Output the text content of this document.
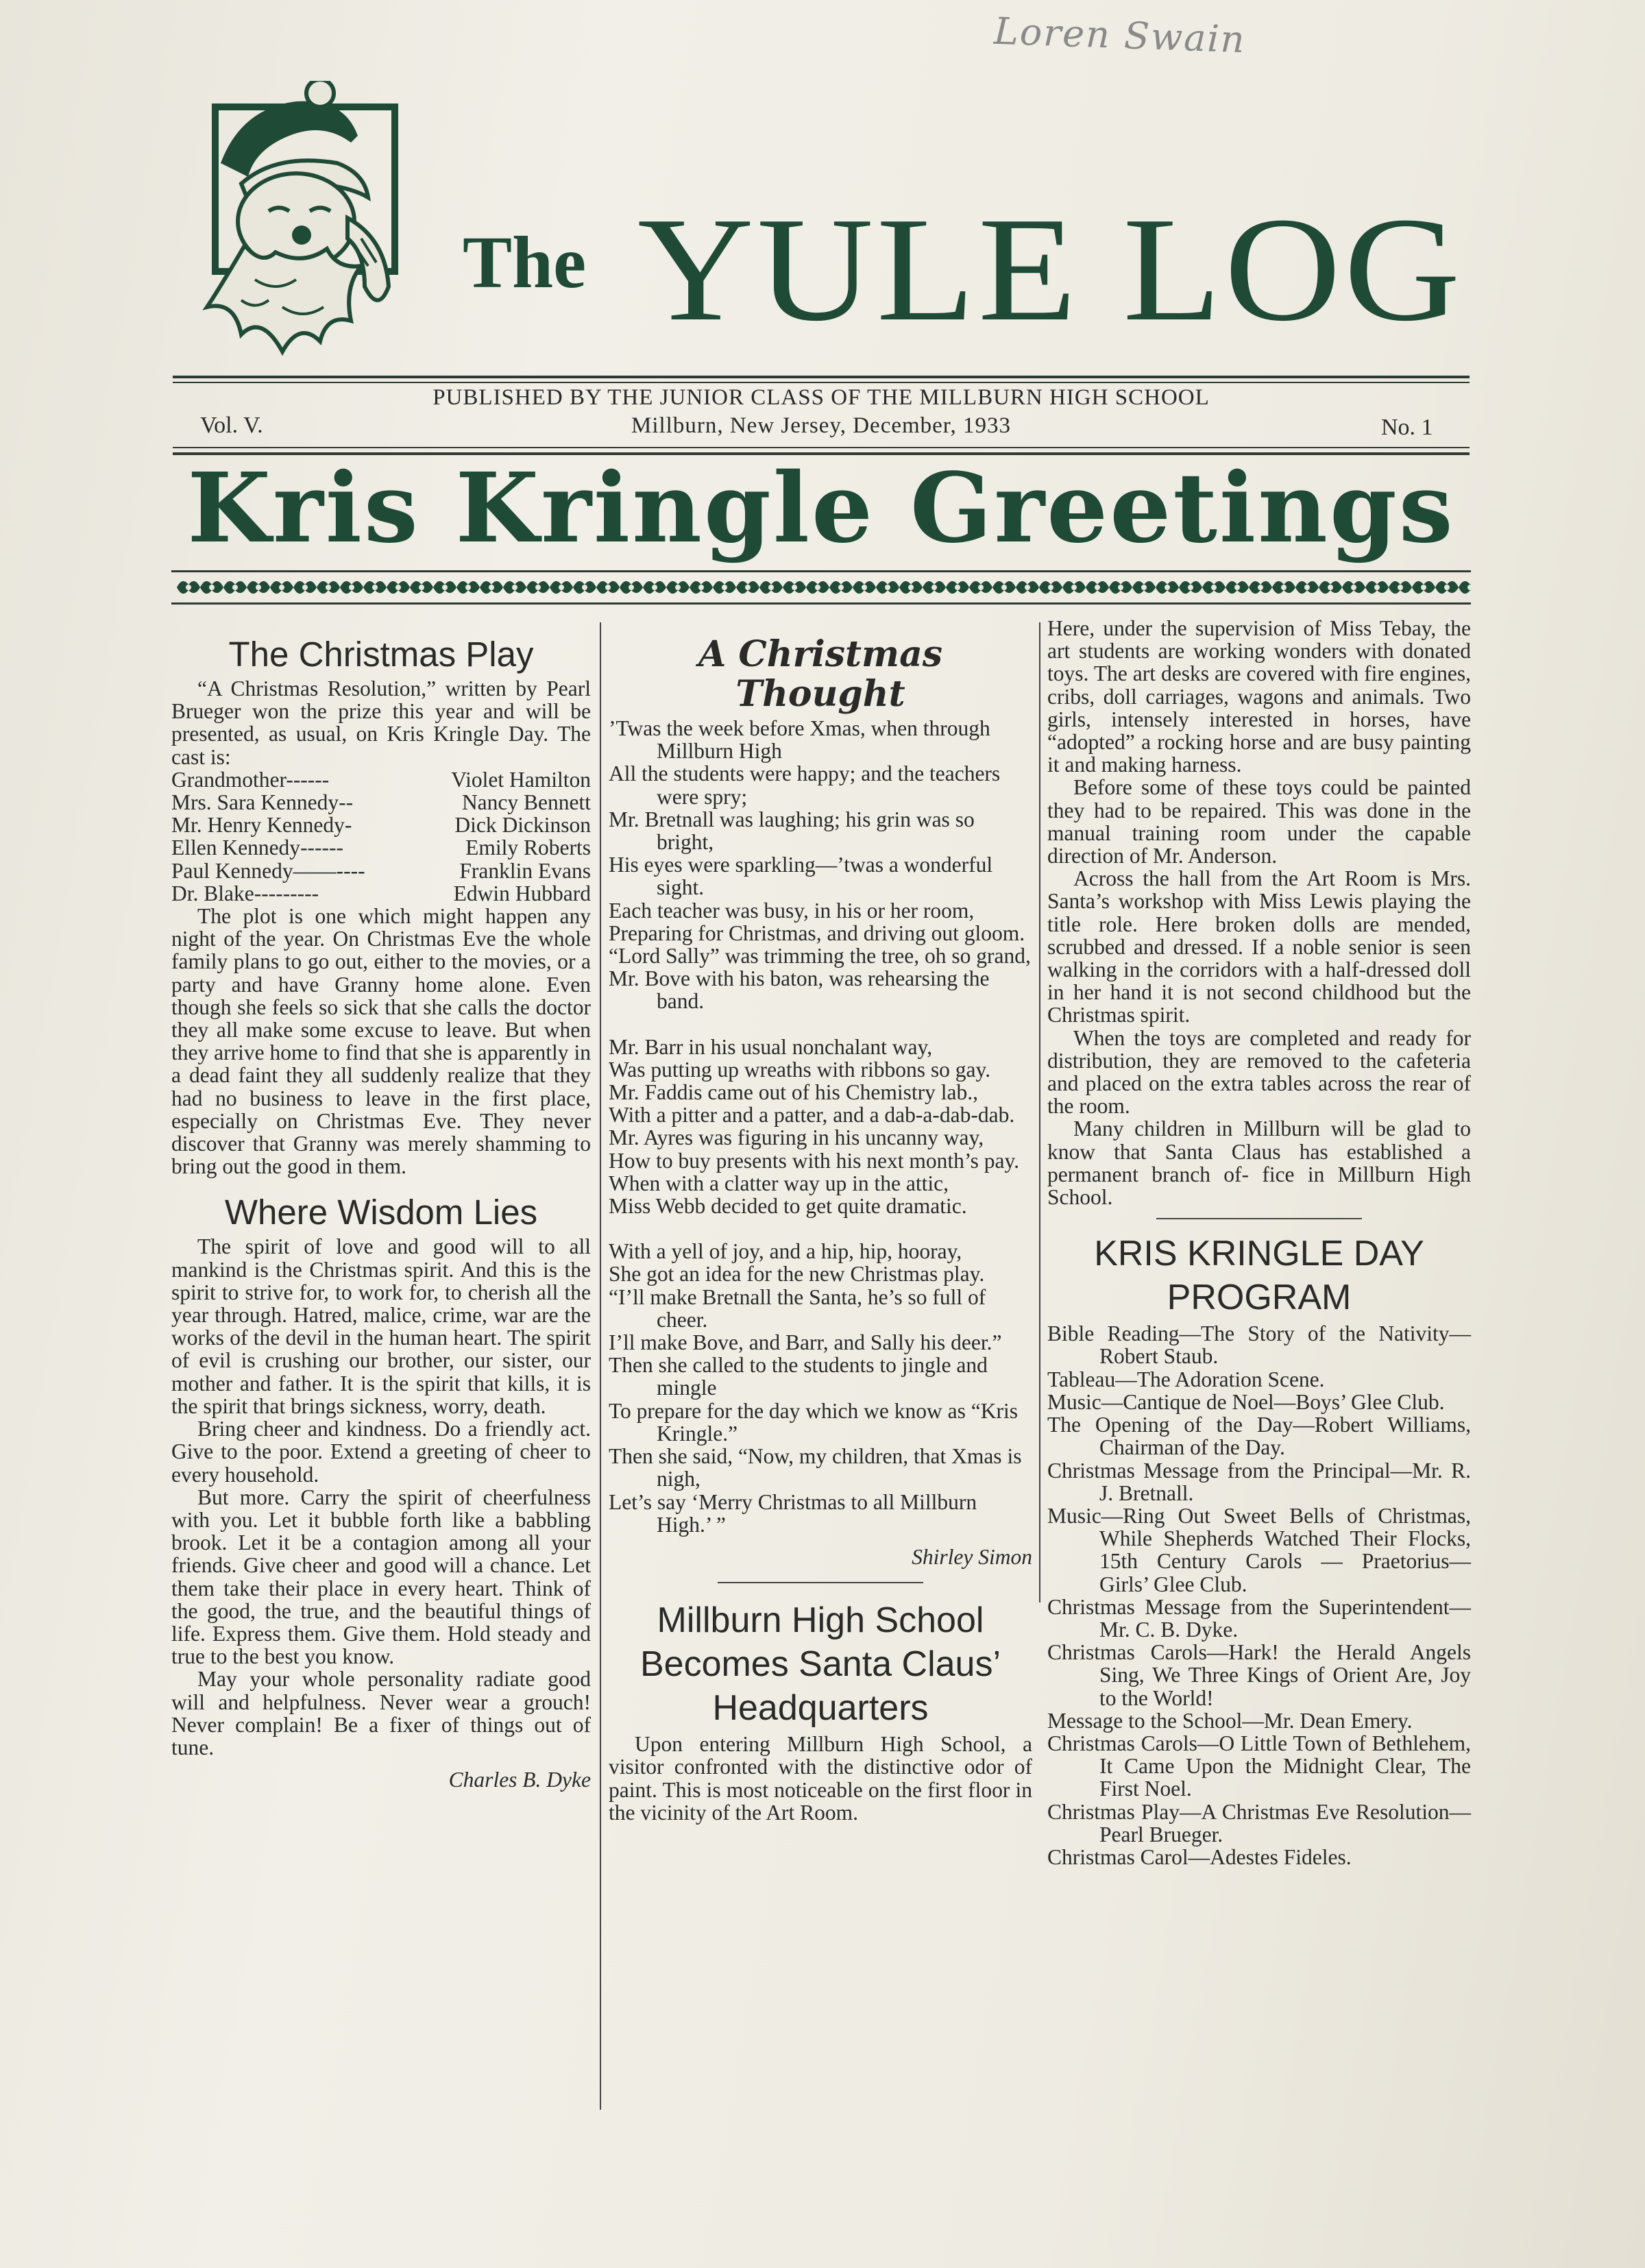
Loren Swain
The YULE LOG
PUBLISHED BY THE JUNIOR CLASS OF THE MILLBURN HIGH SCHOOL
Millburn, New Jersey, December, 1933
Vol. V.	No. 1
Kris Kringle Greetings
The Christmas Play

“A Christmas Resolution,” written by Pearl Brueger won the prize this year and will be presented, as usual, on Kris Kringle Day. The cast is:

Grandmother------	Violet Hamilton
Mrs. Sara Kennedy--	Nancy Bennett
Mr. Henry Kennedy-	Dick Dickinson
Ellen Kennedy------	Emily Roberts
Paul Kennedy——----	Franklin Evans
Dr. Blake---------	Edwin Hubbard

The plot is one which might happen any night of the year. On Christmas Eve the whole family plans to go out, either to the movies, or a party and have Granny home alone. Even though she feels so sick that she calls the doctor they all make some excuse to leave. But when they arrive home to find that she is apparently in a dead faint they all suddenly realize that they had no business to leave in the first place, especially on Christmas Eve. They never discover that Granny was merely shamming to bring out the good in them.

Where Wisdom Lies

The spirit of love and good will to all mankind is the Christmas spirit. And this is the spirit to strive for, to work for, to cherish all the year through. Hatred, malice, crime, war are the works of the devil in the human heart. The spirit of evil is crushing our brother, our sister, our mother and father. It is the spirit that kills, it is the spirit that brings sickness, worry, death.

Bring cheer and kindness. Do a friendly act. Give to the poor. Extend a greeting of cheer to every household.

But more. Carry the spirit of cheerfulness with you. Let it bubble forth like a babbling brook. Let it be a contagion among all your friends. Give cheer and good will a chance. Let them take their place in every heart. Think of the good, the true, and the beautiful things of life. Express them. Give them. Hold steady and true to the best you know.

May your whole personality radiate good will and helpfulness. Never wear a grouch! Never complain! Be a fixer of things out of tune.

Charles B. Dyke
A Christmas Thought
’Twas the week before Xmas, when through Millburn High
All the students were happy; and the teachers were spry;
Mr. Bretnall was laughing; his grin was so bright,
His eyes were sparkling—’twas a wonderful sight.
Each teacher was busy, in his or her room,
Preparing for Christmas, and driving out gloom.
“Lord Sally” was trimming the tree, oh so grand,
Mr. Bove with his baton, was rehearsing the band.
Mr. Barr in his usual nonchalant way,
Was putting up wreaths with ribbons so gay.
Mr. Faddis came out of his Chemistry lab.,
With a pitter and a patter, and a dab-a-dab-dab.
Mr. Ayres was figuring in his uncanny way,
How to buy presents with his next month’s pay.
When with a clatter way up in the attic,
Miss Webb decided to get quite dramatic.
With a yell of joy, and a hip, hip, hooray,
She got an idea for the new Christmas play.
“I’ll make Bretnall the Santa, he’s so full of cheer.
I’ll make Bove, and Barr, and Sally his deer.”
Then she called to the students to jingle and mingle
To prepare for the day which we know as “Kris Kringle.”
Then she said, “Now, my children, that Xmas is nigh,
Let’s say ‘Merry Christmas to all Millburn High.’ ”
Shirley Simon
Millburn High School Becomes Santa Claus’ Headquarters

Upon entering Millburn High School, a visitor confronted with the distinctive odor of paint. This is most noticeable on the first floor in the vicinity of the Art Room.

Here, under the supervision of Miss Tebay, the art students are working wonders with donated toys. The art desks are covered with fire engines, cribs, doll carriages, wagons and animals. Two girls, intensely interested in horses, have “adopted” a rocking horse and are busy painting it and making harness.

Before some of these toys could be painted they had to be repaired. This was done in the manual training room under the capable direction of Mr. Anderson.

Across the hall from the Art Room is Mrs. Santa’s workshop with Miss Lewis playing the title role. Here broken dolls are mended, scrubbed and dressed. If a noble senior is seen walking in the corridors with a half-dressed doll in her hand it is not second childhood but the Christmas spirit.

When the toys are completed and ready for distribution, they are removed to the cafeteria and placed on the extra tables across the rear of the room.

Many children in Millburn will be glad to know that Santa Claus has established a permanent branch of- fice in Millburn High School.

KRIS KRINGLE DAY PROGRAM

Bible Reading—The Story of the Nativity—Robert Staub.

Tableau—The Adoration Scene.

Music—Cantique de Noel—Boys’ Glee Club.

The Opening of the Day—Robert Williams, Chairman of the Day.

Christmas Message from the Principal—Mr. R. J. Bretnall.

Music—Ring Out Sweet Bells of Christmas, While Shepherds Watched Their Flocks, 15th Century Carols — Praetorius— Girls’ Glee Club.

Christmas Message from the Superintendent—Mr. C. B. Dyke.

Christmas Carols—Hark! the Herald Angels Sing, We Three Kings of Orient Are, Joy to the World!

Message to the School—Mr. Dean Emery.

Christmas Carols—O Little Town of Bethlehem, It Came Upon the Midnight Clear, The First Noel.

Christmas Play—A Christmas Eve Resolution—Pearl Brueger.

Christmas Carol—Adestes Fideles.
